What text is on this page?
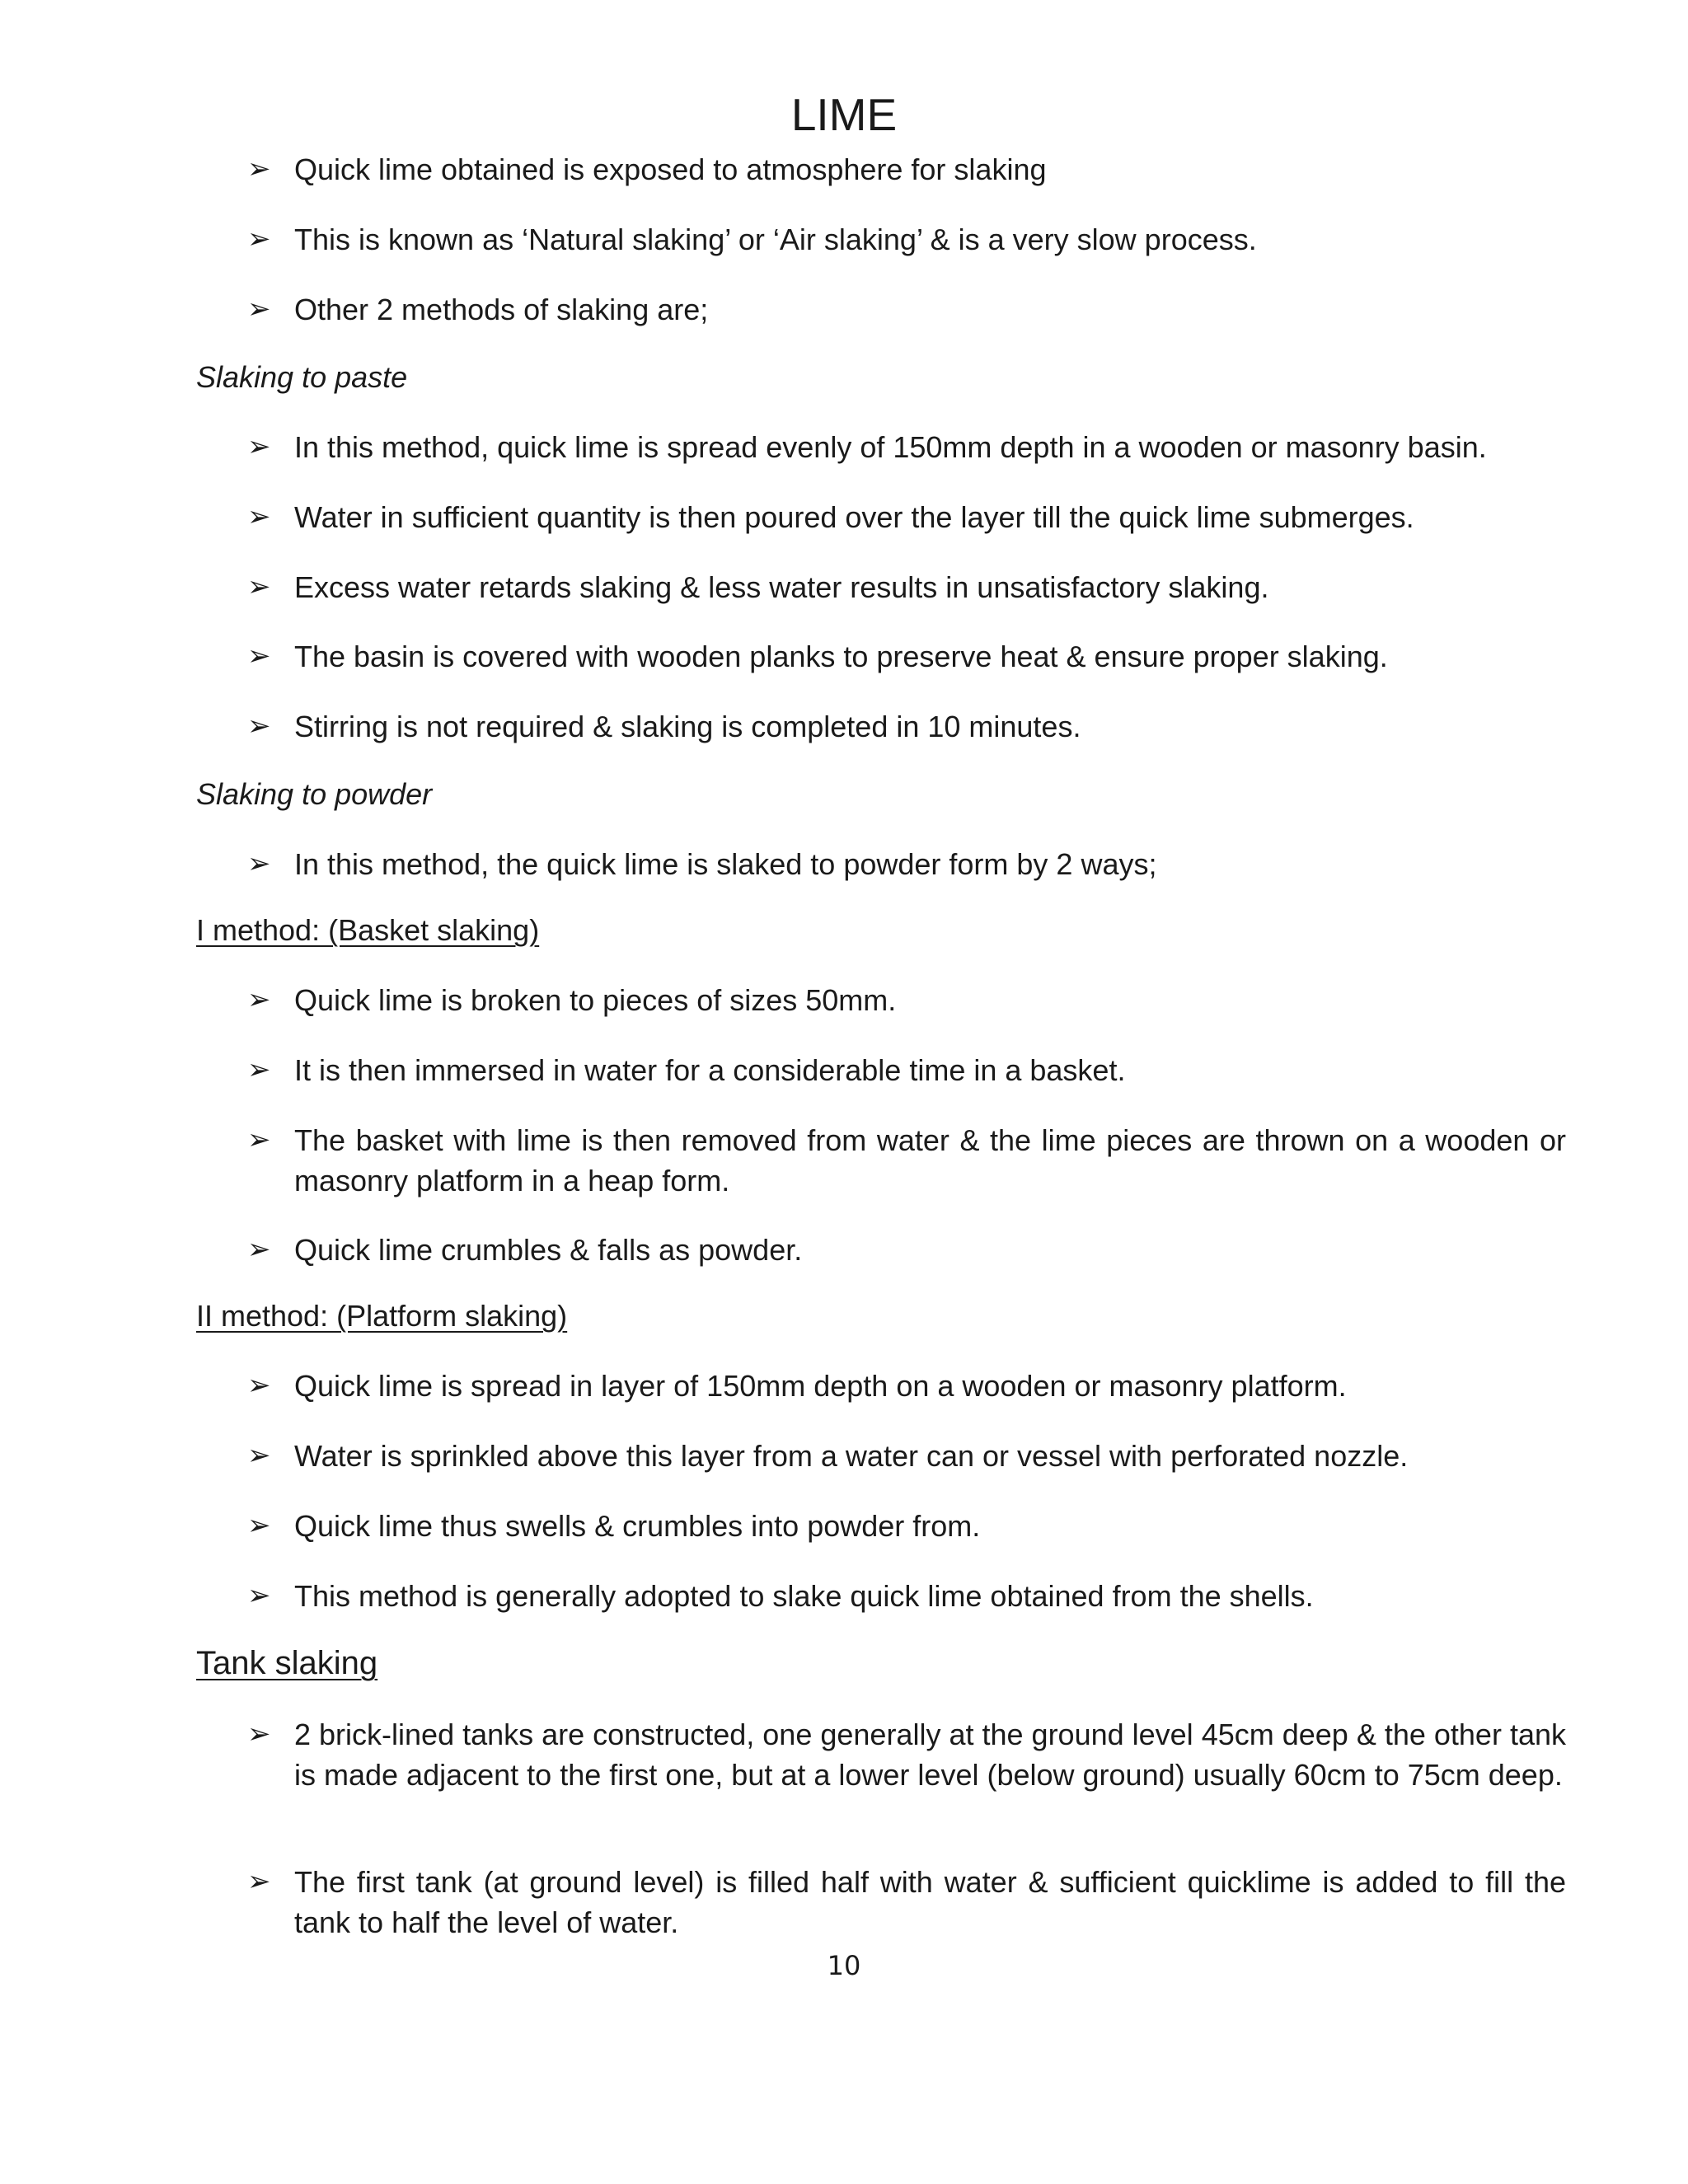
LIME
➢ Quick lime obtained is exposed to atmosphere for slaking
➢ This is known as ‘Natural slaking’ or ‘Air slaking’ & is a very slow process.
➢ Other 2 methods of slaking are;
Slaking to paste
➢ In this method, quick lime is spread evenly of 150mm depth in a wooden or masonry basin.
➢ Water in sufficient quantity is then poured over the layer till the quick lime submerges.
➢ Excess water retards slaking & less water results in unsatisfactory slaking.
➢ The basin is covered with wooden planks to preserve heat & ensure proper slaking.
➢ Stirring is not required & slaking is completed in 10 minutes.
Slaking to powder
➢ In this method, the quick lime is slaked to powder form by 2 ways;
I method: (Basket slaking)
➢ Quick lime is broken to pieces of sizes 50mm.
➢ It is then immersed in water for a considerable time in a basket.
➢ The basket with lime is then removed from water & the lime pieces are thrown on a wooden or masonry platform in a heap form.
➢ Quick lime crumbles & falls as powder.
II method: (Platform slaking)
➢ Quick lime is spread in layer of 150mm depth on a wooden or masonry platform.
➢ Water is sprinkled above this layer from a water can or vessel with perforated nozzle.
➢ Quick lime thus swells & crumbles into powder from.
➢ This method is generally adopted to slake quick lime obtained from the shells.
Tank slaking
➢ 2 brick-lined tanks are constructed, one generally at the ground level 45cm deep & the other tank is made adjacent to the first one, but at a lower level (below ground) usually 60cm to 75cm deep.
➢ The first tank (at ground level) is filled half with water & sufficient quicklime is added to fill the tank to half the level of water.
10
